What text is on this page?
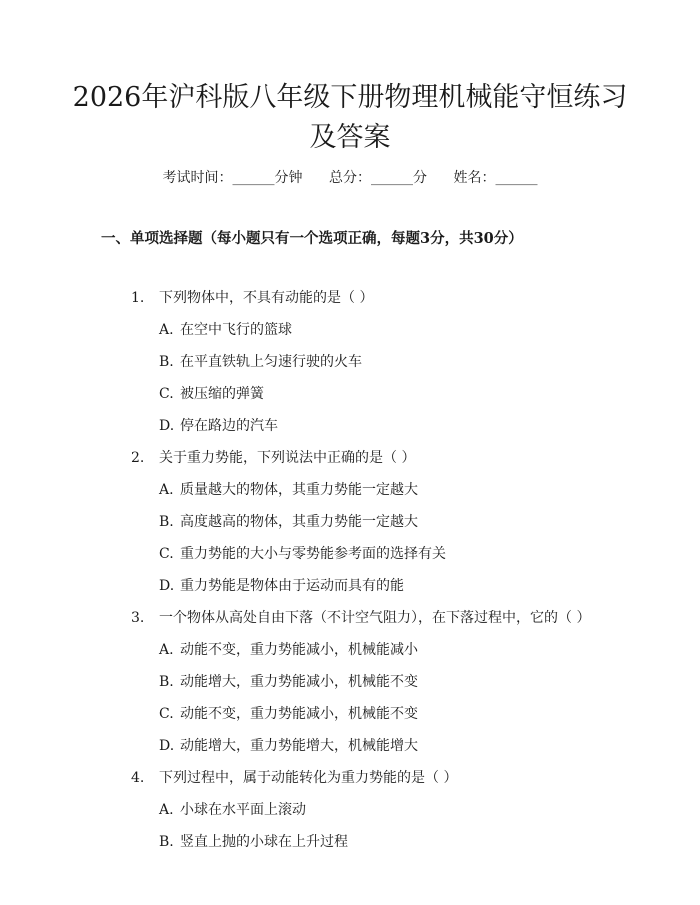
2026年沪科版八年级下册物理机械能守恒练习及答案
考试时间：______分钟 总分：______分 姓名：______
一、单项选择题（每小题只有一个选项正确，每题3分，共30分）
1. 下列物体中，不具有动能的是（ ）
A. 在空中飞行的篮球
B. 在平直铁轨上匀速行驶的火车
C. 被压缩的弹簧
D. 停在路边的汽车
2. 关于重力势能，下列说法中正确的是（ ）
A. 质量越大的物体，其重力势能一定越大
B. 高度越高的物体，其重力势能一定越大
C. 重力势能的大小与零势能参考面的选择有关
D. 重力势能是物体由于运动而具有的能
3. 一个物体从高处自由下落（不计空气阻力），在下落过程中，它的（ ）
A. 动能不变，重力势能减小，机械能减小
B. 动能增大，重力势能减小，机械能不变
C. 动能不变，重力势能减小，机械能不变
D. 动能增大，重力势能增大，机械能增大
4. 下列过程中，属于动能转化为重力势能的是（ ）
A. 小球在水平面上滚动
B. 竖直上抛的小球在上升过程
